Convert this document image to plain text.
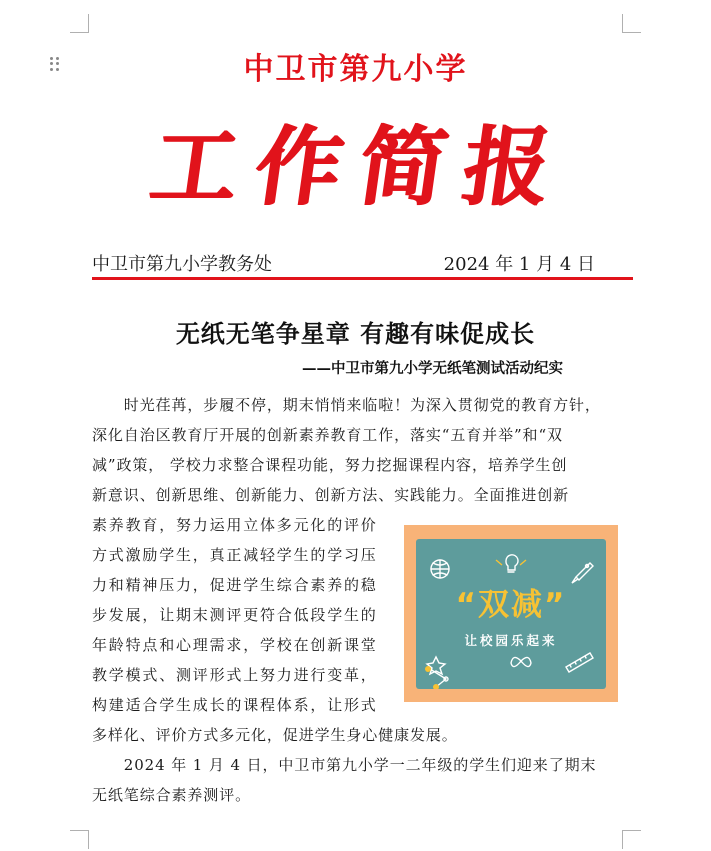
中卫市第九小学
工作简报
中卫市第九小学教务处	2024 年 1 月 4 日
无纸无笔争星章 有趣有味促成长
——中卫市第九小学无纸笔测试活动纪实
　　时光荏苒，步履不停，期末悄悄来临啦！为深入贯彻党的教育方针，
深化自治区教育厅开展的创新素养教育工作，落实“五育并举”和“双
减”政策， 学校力求整合课程功能，努力挖掘课程内容，培养学生创
新意识、创新思维、创新能力、创新方法、实践能力。全面推进创新
素养教育，努力运用立体多元化的评价
方式激励学生，真正减轻学生的学习压
力和精神压力，促进学生综合素养的稳
步发展，让期末测评更符合低段学生的
年龄特点和心理需求，学校在创新课堂
教学模式、测评形式上努力进行变革，
构建适合学生成长的课程体系，让形式
多样化、评价方式多元化，促进学生身心健康发展。
　　2024 年 1 月 4 日，中卫市第九小学一二年级的学生们迎来了期末
无纸笔综合素养测评。
“双减”
让校园乐起来
